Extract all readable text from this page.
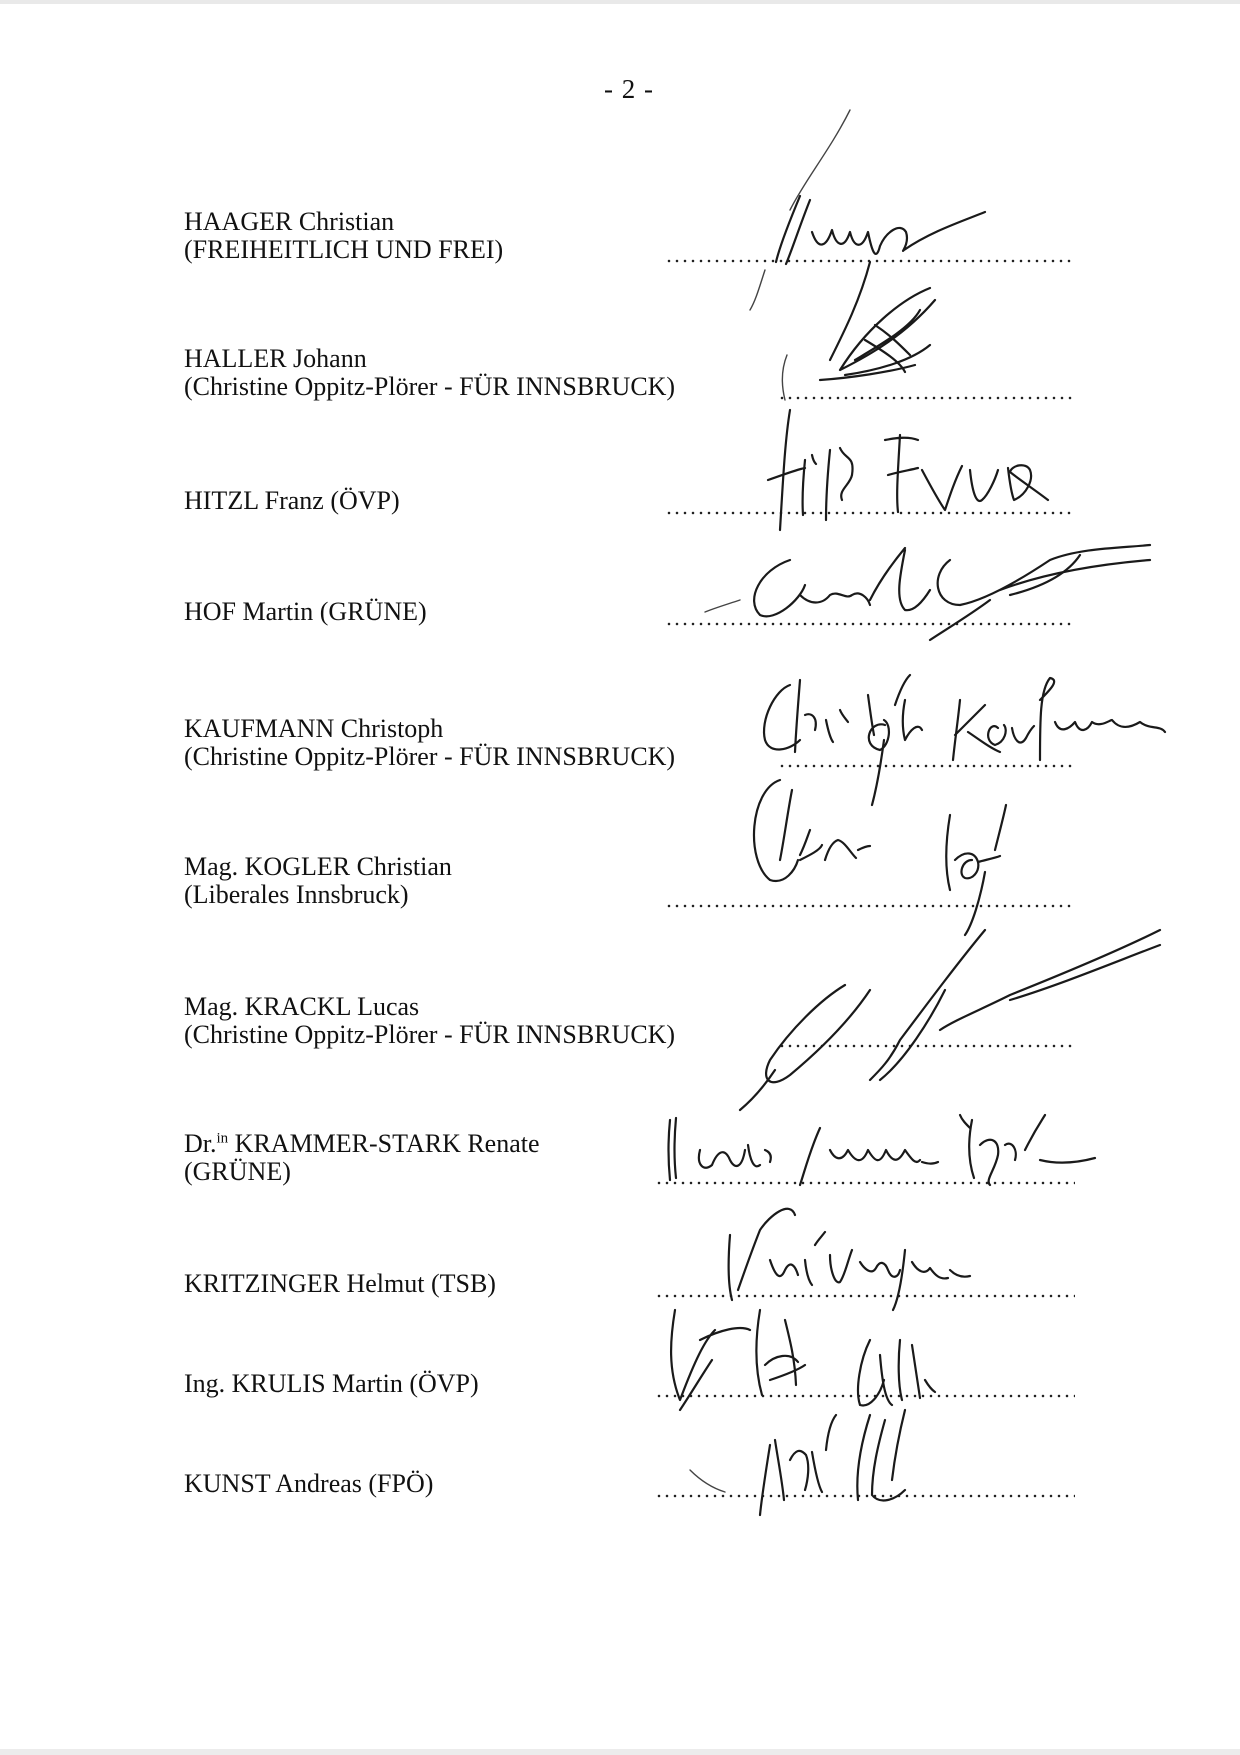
- 2 -
HAAGER Christian
(FREIHEITLICH UND FREI)
HALLER Johann
(Christine Oppitz-Plörer - FÜR INNSBRUCK)
HITZL Franz (ÖVP)
HOF Martin (GRÜNE)
KAUFMANN Christoph
(Christine Oppitz-Plörer - FÜR INNSBRUCK)
Mag. KOGLER Christian
(Liberales Innsbruck)
Mag. KRACKL Lucas
(Christine Oppitz-Plörer - FÜR INNSBRUCK)
Dr.$^{in}$ KRAMMER-STARK Renate
(GRÜNE)
KRITZINGER Helmut (TSB)
Ing. KRULIS Martin (ÖVP)
KUNST Andreas (FPÖ)
